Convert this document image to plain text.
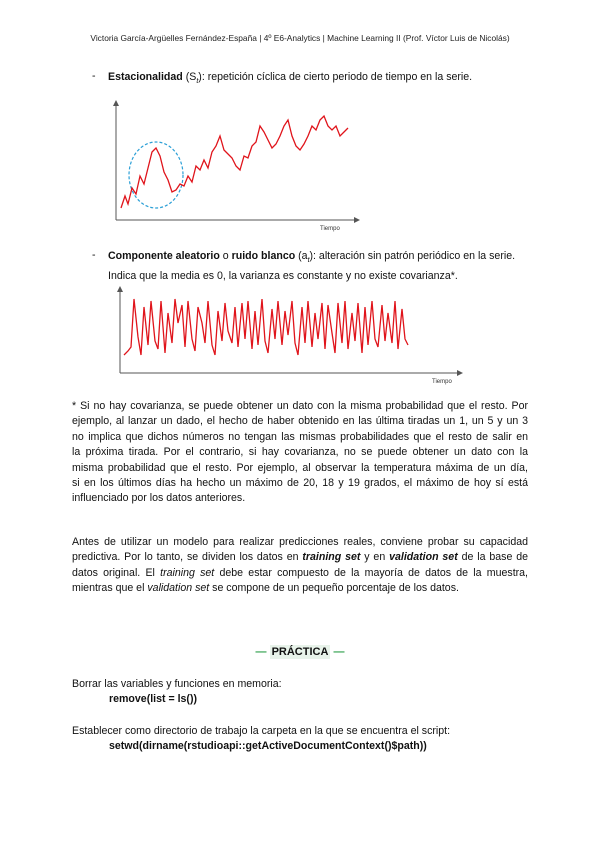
Victoria García-Argüelles Fernández-España | 4º E6-Analytics | Machine Learning II (Prof. Víctor Luis de Nicolás)
- Estacionalidad $(S_t)$: repetición cíclica de cierto periodo de tiempo en la serie.
Tiempo
- Componente aleatorio o ruido blanco $(a_t)$: alteración sin patrón periódico en la serie.
Indica que la media es 0, la varianza es constante y no existe covarianza*.
Tiempo
* Si no hay covarianza, se puede obtener un dato con la misma probabilidad que el resto. Por
ejemplo, al lanzar un dado, el hecho de haber obtenido en las última tiradas un 1, un 5 y un 3
no implica que dichos números no tengan las mismas probabilidades que el resto de salir en
la próxima tirada. Por el contrario, si hay covarianza, no se puede obtener un dato con la
misma probabilidad que el resto. Por ejemplo, al observar la temperatura máxima de un día,
si en los últimos días ha hecho un máximo de 20, 18 y 19 grados, el máximo de hoy sí está
influenciado por los datos anteriores.
Antes de utilizar un modelo para realizar predicciones reales, conviene probar su capacidad
predictiva. Por lo tanto, se dividen los datos en training set y en validation set de la base de
datos original. El training set debe estar compuesto de la mayoría de datos de la muestra,
mientras que el validation set se compone de un pequeño porcentaje de los datos.
— PRÁCTICA —
Borrar las variables y funciones en memoria:
remove(list = ls())
Establecer como directorio de trabajo la carpeta en la que se encuentra el script:
setwd(dirname(rstudioapi::getActiveDocumentContext()$path))
